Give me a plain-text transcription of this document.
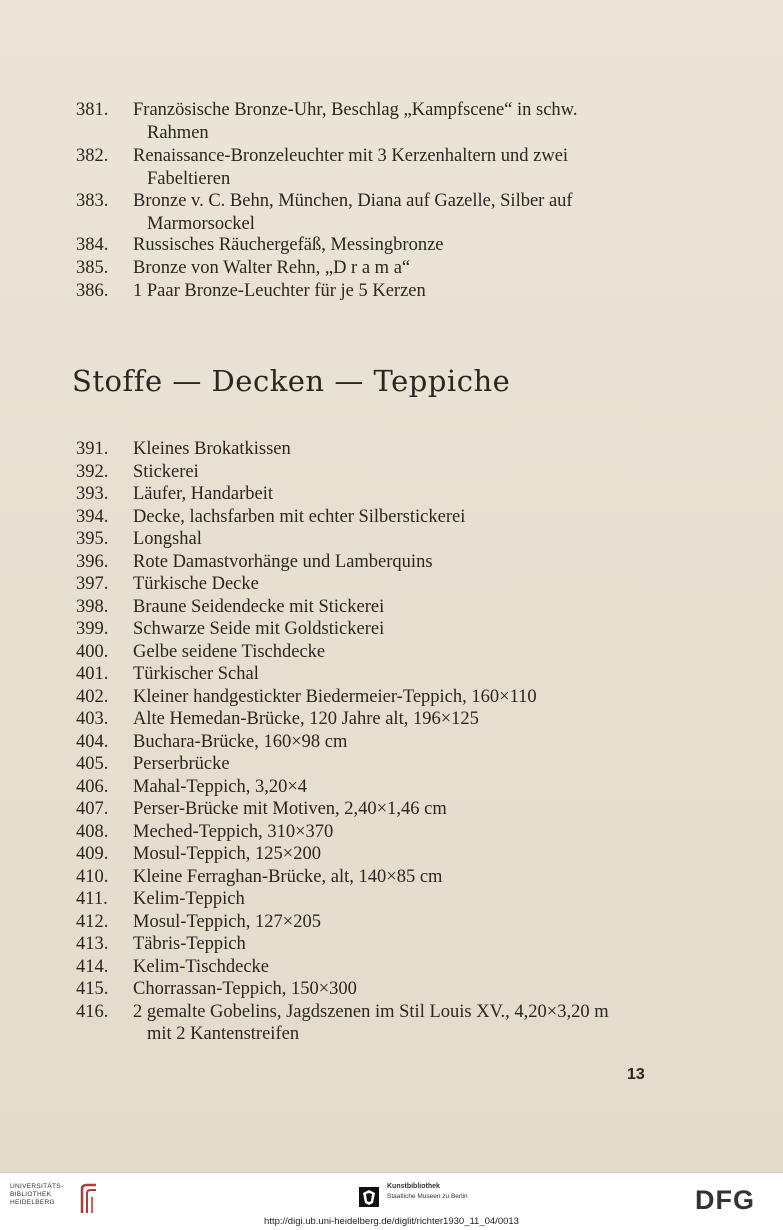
381.	Französische Bronze-Uhr, Beschlag „Kampfscene“ in schw.
Rahmen
382.	Renaissance-Bronzeleuchter mit 3 Kerzenhaltern und zwei
Fabeltieren
383.	Bronze v. C. Behn, München, Diana auf Gazelle, Silber auf
Marmorsockel
384.	Russisches Räuchergefäß, Messingbronze
385.	Bronze von Walter Rehn, „D r a m a“
386.	1 Paar Bronze-Leuchter für je 5 Kerzen
Stoffe — Decken — Teppiche
391.	Kleines Brokatkissen
392.	Stickerei
393.	Läufer, Handarbeit
394.	Decke, lachsfarben mit echter Silberstickerei
395.	Longshal
396.	Rote Damastvorhänge und Lamberquins
397.	Türkische Decke
398.	Braune Seidendecke mit Stickerei
399.	Schwarze Seide mit Goldstickerei
400.	Gelbe seidene Tischdecke
401.	Türkischer Schal
402.	Kleiner handgestickter Biedermeier-Teppich, 160×110
403.	Alte Hemedan-Brücke, 120 Jahre alt, 196×125
404.	Buchara-Brücke, 160×98 cm
405.	Perserbrücke
406.	Mahal-Teppich, 3,20×4
407.	Perser-Brücke mit Motiven, 2,40×1,46 cm
408.	Meched-Teppich, 310×370
409.	Mosul-Teppich, 125×200
410.	Kleine Ferraghan-Brücke, alt, 140×85 cm
411.	Kelim-Teppich
412.	Mosul-Teppich, 127×205
413.	Täbris-Teppich
414.	Kelim-Tischdecke
415.	Chorrassan-Teppich, 150×300
416.	2 gemalte Gobelins, Jagdszenen im Stil Louis XV., 4,20×3,20 m
mit 2 Kantenstreifen
13
UNIVERSITÄTS-
BIBLIOTHEK
HEIDELBERG
Kunstbibliothek
Staatliche Museen zu Berlin	DFG
http://digi.ub.uni-heidelberg.de/diglit/richter1930_11_04/0013
